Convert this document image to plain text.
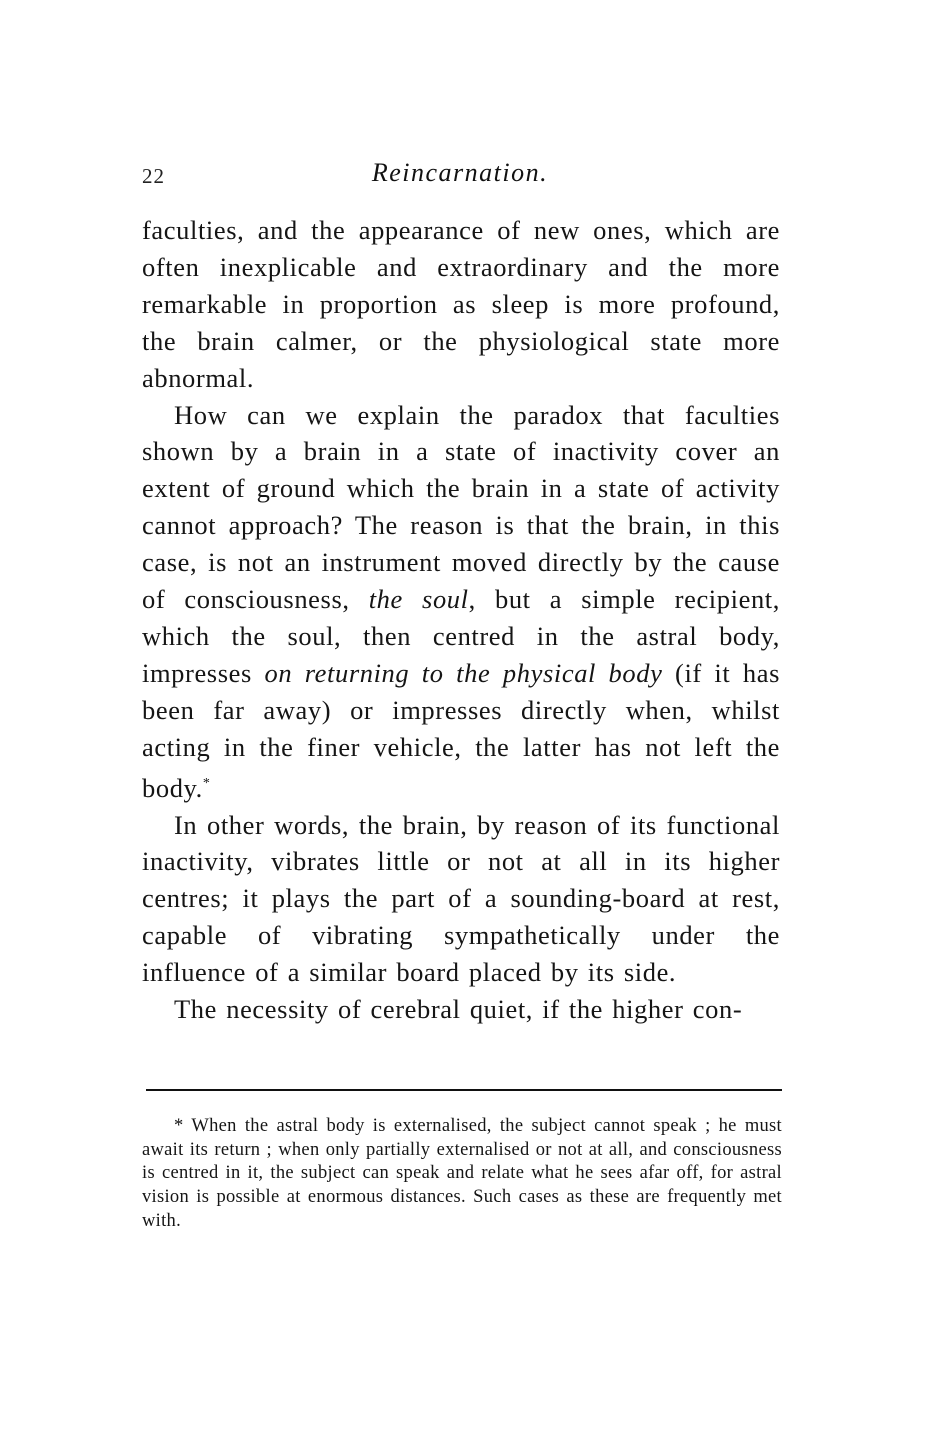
22	Reincarnation.

faculties, and the appearance of new ones, which are often inexplicable and extraordinary and the more remarkable in proportion as sleep is more profound, the brain calmer, or the physiological state more abnormal.

How can we explain the paradox that faculties shown by a brain in a state of inactivity cover an extent of ground which the brain in a state of activity cannot approach? The reason is that the brain, in this case, is not an instrument moved directly by the cause of consciousness, the soul, but a simple recipient, which the soul, then centred in the astral body, impresses on returning to the physical body (if it has been far away) or impresses directly when, whilst acting in the finer vehicle, the latter has not left the body.*

In other words, the brain, by reason of its functional inactivity, vibrates little or not at all in its higher centres; it plays the part of a sounding-board at rest, capable of vibrating sympathetically under the influence of a similar board placed by its side.

The necessity of cerebral quiet, if the higher con-

* When the astral body is externalised, the subject cannot speak ; he must await its return ; when only partially externalised or not at all, and consciousness is centred in it, the subject can speak and relate what he sees afar off, for astral vision is possible at enormous distances. Such cases as these are frequently met with.
